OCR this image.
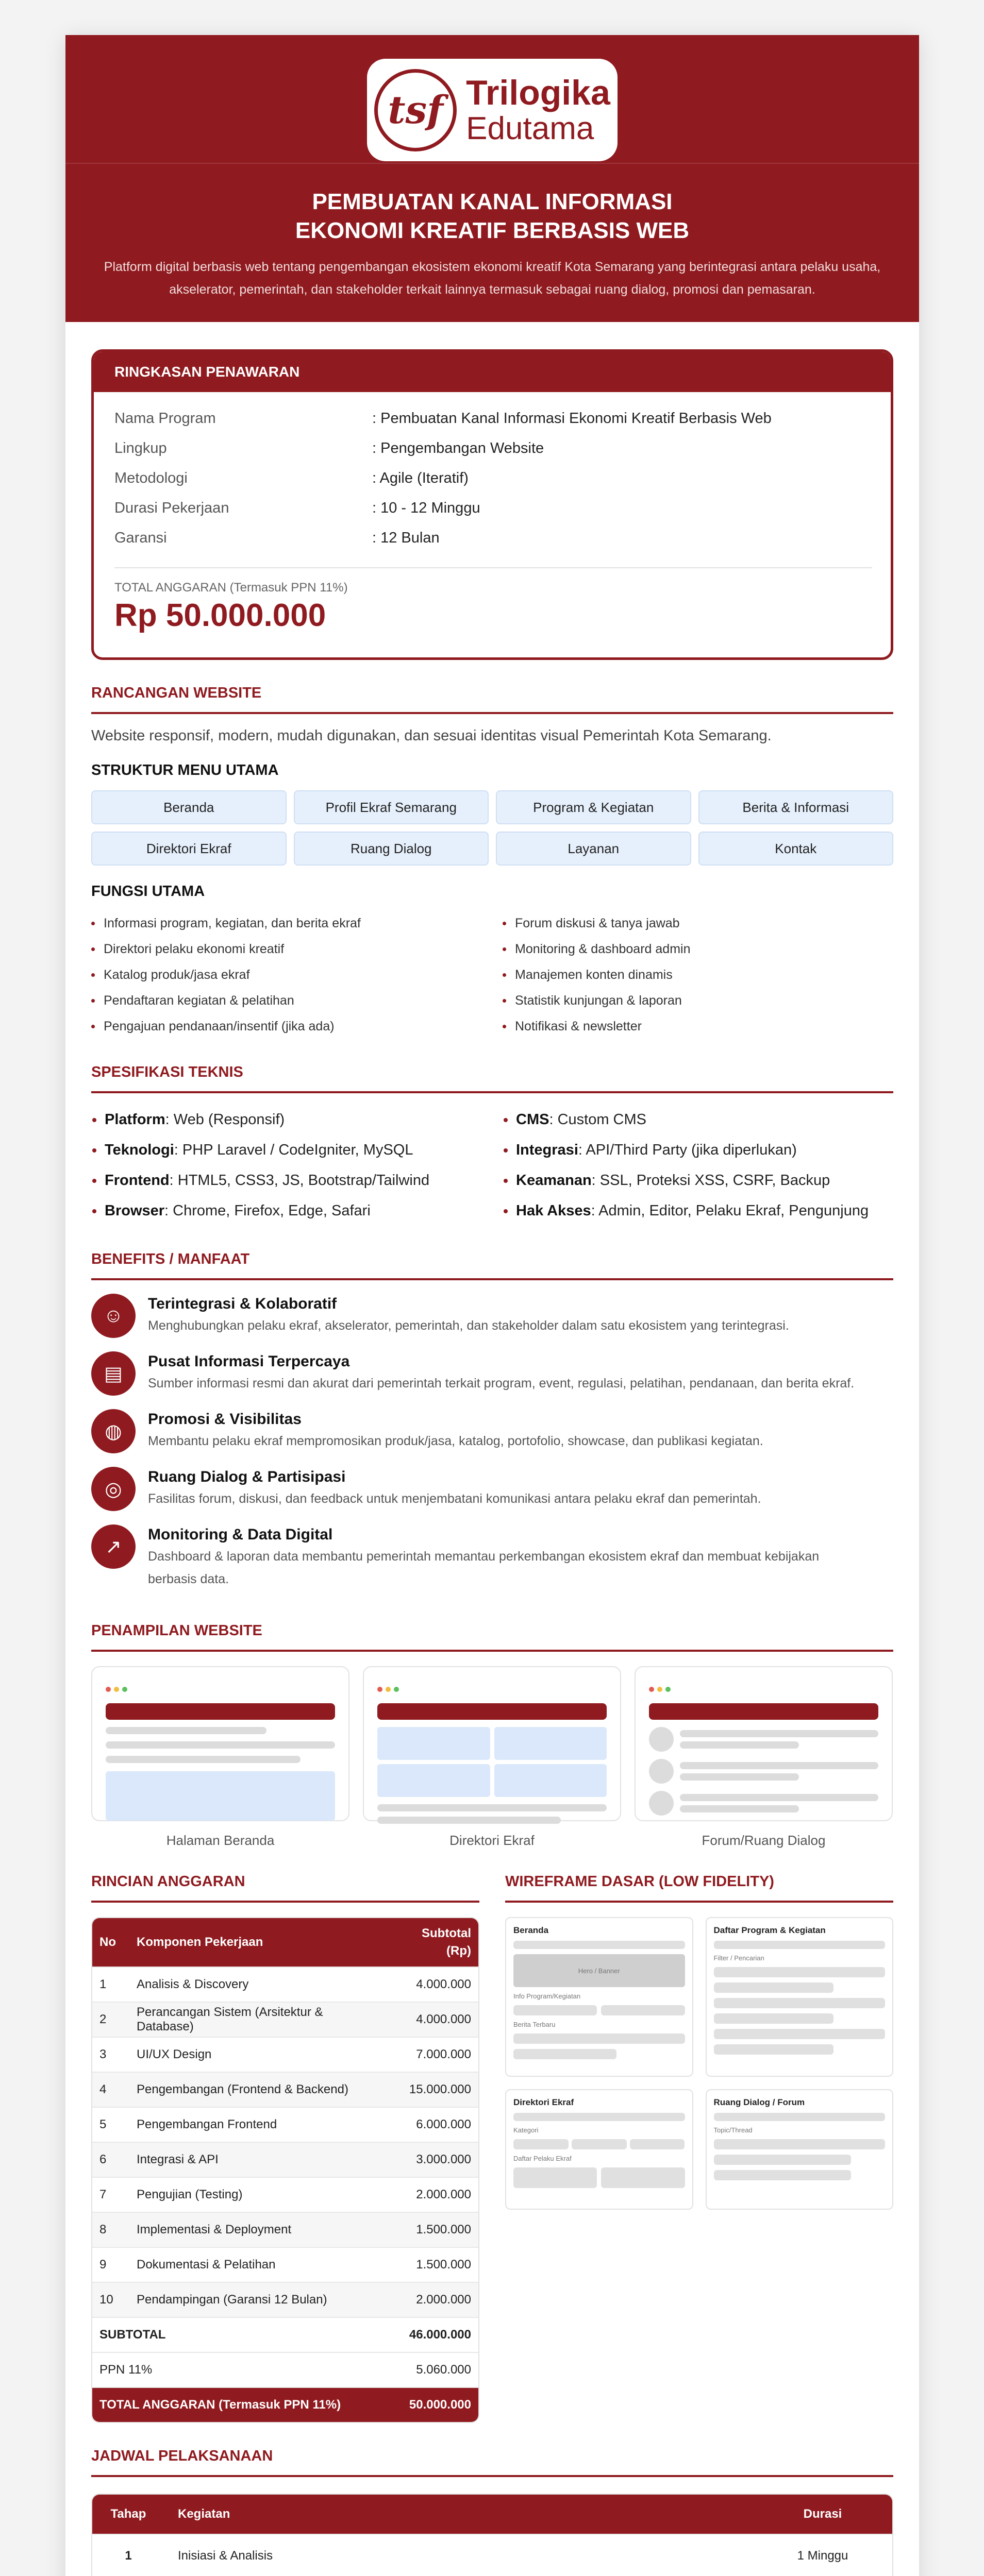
tsf Trilogika
Edutama
PEMBUATAN KANAL INFORMASI
EKONOMI KREATIF BERBASIS WEB

Platform digital berbasis web tentang pengembangan ekosistem ekonomi kreatif Kota Semarang yang berintegrasi antara pelaku usaha, akselerator, pemerintah, dan stakeholder terkait lainnya termasuk sebagai ruang dialog, promosi dan pemasaran.

RINGKASAN PENAWARAN
Nama Program	: Pembuatan Kanal Informasi Ekonomi Kreatif Berbasis Web
Lingkup	: Pengembangan Website
Metodologi	: Agile (Iteratif)
Durasi Pekerjaan	: 10 - 12 Minggu
Garansi	: 12 Bulan
TOTAL ANGGARAN (Termasuk PPN 11%)
Rp 50.000.000
RANCANGAN WEBSITE
Website responsif, modern, mudah digunakan, dan sesuai identitas visual Pemerintah Kota Semarang.
STRUKTUR MENU UTAMA
Beranda	Profil Ekraf Semarang	Program & Kegiatan	Berita & Informasi
Direktori Ekraf	Ruang Dialog	Layanan	Kontak
FUNGSI UTAMA
Informasi program, kegiatan, dan berita ekraf
Direktori pelaku ekonomi kreatif
Katalog produk/jasa ekraf
Pendaftaran kegiatan & pelatihan
Pengajuan pendanaan/insentif (jika ada)
Forum diskusi & tanya jawab
Monitoring & dashboard admin
Manajemen konten dinamis
Statistik kunjungan & laporan
Notifikasi & newsletter
SPESIFIKASI TEKNIS
Platform: Web (Responsif)
Teknologi: PHP Laravel / CodeIgniter, MySQL
Frontend: HTML5, CSS3, JS, Bootstrap/Tailwind
Browser: Chrome, Firefox, Edge, Safari
CMS: Custom CMS
Integrasi: API/Third Party (jika diperlukan)
Keamanan: SSL, Proteksi XSS, CSRF, Backup
Hak Akses: Admin, Editor, Pelaku Ekraf, Pengunjung
BENEFITS / MANFAAT
☺
Terintegrasi & Kolaboratif
Menghubungkan pelaku ekraf, akselerator, pemerintah, dan stakeholder dalam satu ekosistem yang terintegrasi.
▤
Pusat Informasi Terpercaya
Sumber informasi resmi dan akurat dari pemerintah terkait program, event, regulasi, pelatihan, pendanaan, dan berita ekraf.
◍
Promosi & Visibilitas
Membantu pelaku ekraf mempromosikan produk/jasa, katalog, portofolio, showcase, dan publikasi kegiatan.
◎
Ruang Dialog & Partisipasi
Fasilitas forum, diskusi, dan feedback untuk menjembatani komunikasi antara pelaku ekraf dan pemerintah.
↗
Monitoring & Data Digital
Dashboard & laporan data membantu pemerintah memantau perkembangan ekosistem ekraf dan membuat kebijakan
berbasis data.
PENAMPILAN WEBSITE
Halaman Beranda	Direktori Ekraf	Forum/Ruang Dialog
RINCIAN ANGGARAN
No	Komponen Pekerjaan	Subtotal
(Rp)
1	Analisis & Discovery	4.000.000
2	Perancangan Sistem (Arsitektur & Database)	4.000.000
3	UI/UX Design	7.000.000
4	Pengembangan (Frontend & Backend)	15.000.000
5	Pengembangan Frontend	6.000.000
6	Integrasi & API	3.000.000
7	Pengujian (Testing)	2.000.000
8	Implementasi & Deployment	1.500.000
9	Dokumentasi & Pelatihan	1.500.000
10	Pendampingan (Garansi 12 Bulan)	2.000.000
SUBTOTAL		46.000.000
PPN 11%		5.060.000
TOTAL ANGGARAN (Termasuk PPN 11%)		50.000.000
WIREFRAME DASAR (LOW FIDELITY)
Beranda
Hero / Banner
Info Program/Kegiatan
Berita Terbaru
Daftar Program & Kegiatan
Filter / Pencarian
Direktori Ekraf
Kategori
Daftar Pelaku Ekraf
Ruang Dialog / Forum
Topic/Thread
JADWAL PELAKSANAAN
Tahap	Kegiatan	Durasi
1	Inisiasi & Analisis	1 Minggu
